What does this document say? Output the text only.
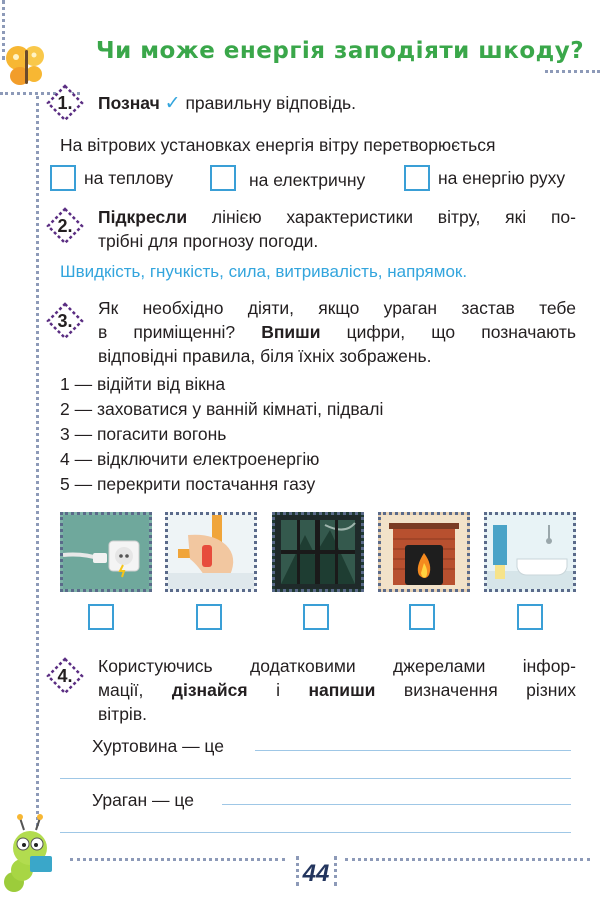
Чи може енергія заподіяти шкоду?
1.	Познач ✓ правильну відповідь.
На вітрових установках енергія вітру перетворюється
на теплову	на електричну	на енергію руху
2.	Підкресли лінією характеристики вітру, які по-
трібні для прогнозу погоди.
Швидкість, гнучкість, сила, витривалість, напрямок.
3.
Як необхідно діяти, якщо ураган застав тебе
в приміщенні? Впиши цифри, що позначають
відповідні правила, біля їхніх зображень.
1 — відійти від вікна
2 — заховатися у ванній кімнаті, підвалі
3 — погасити вогонь
4 — відключити електроенергію
5 — перекрити постачання газу
4.	Користуючись додатковими джерелами інфор-
мації, дізнайся і напиши визначення різних
вітрів.
Хуртовина — це
Ураган — це
44
